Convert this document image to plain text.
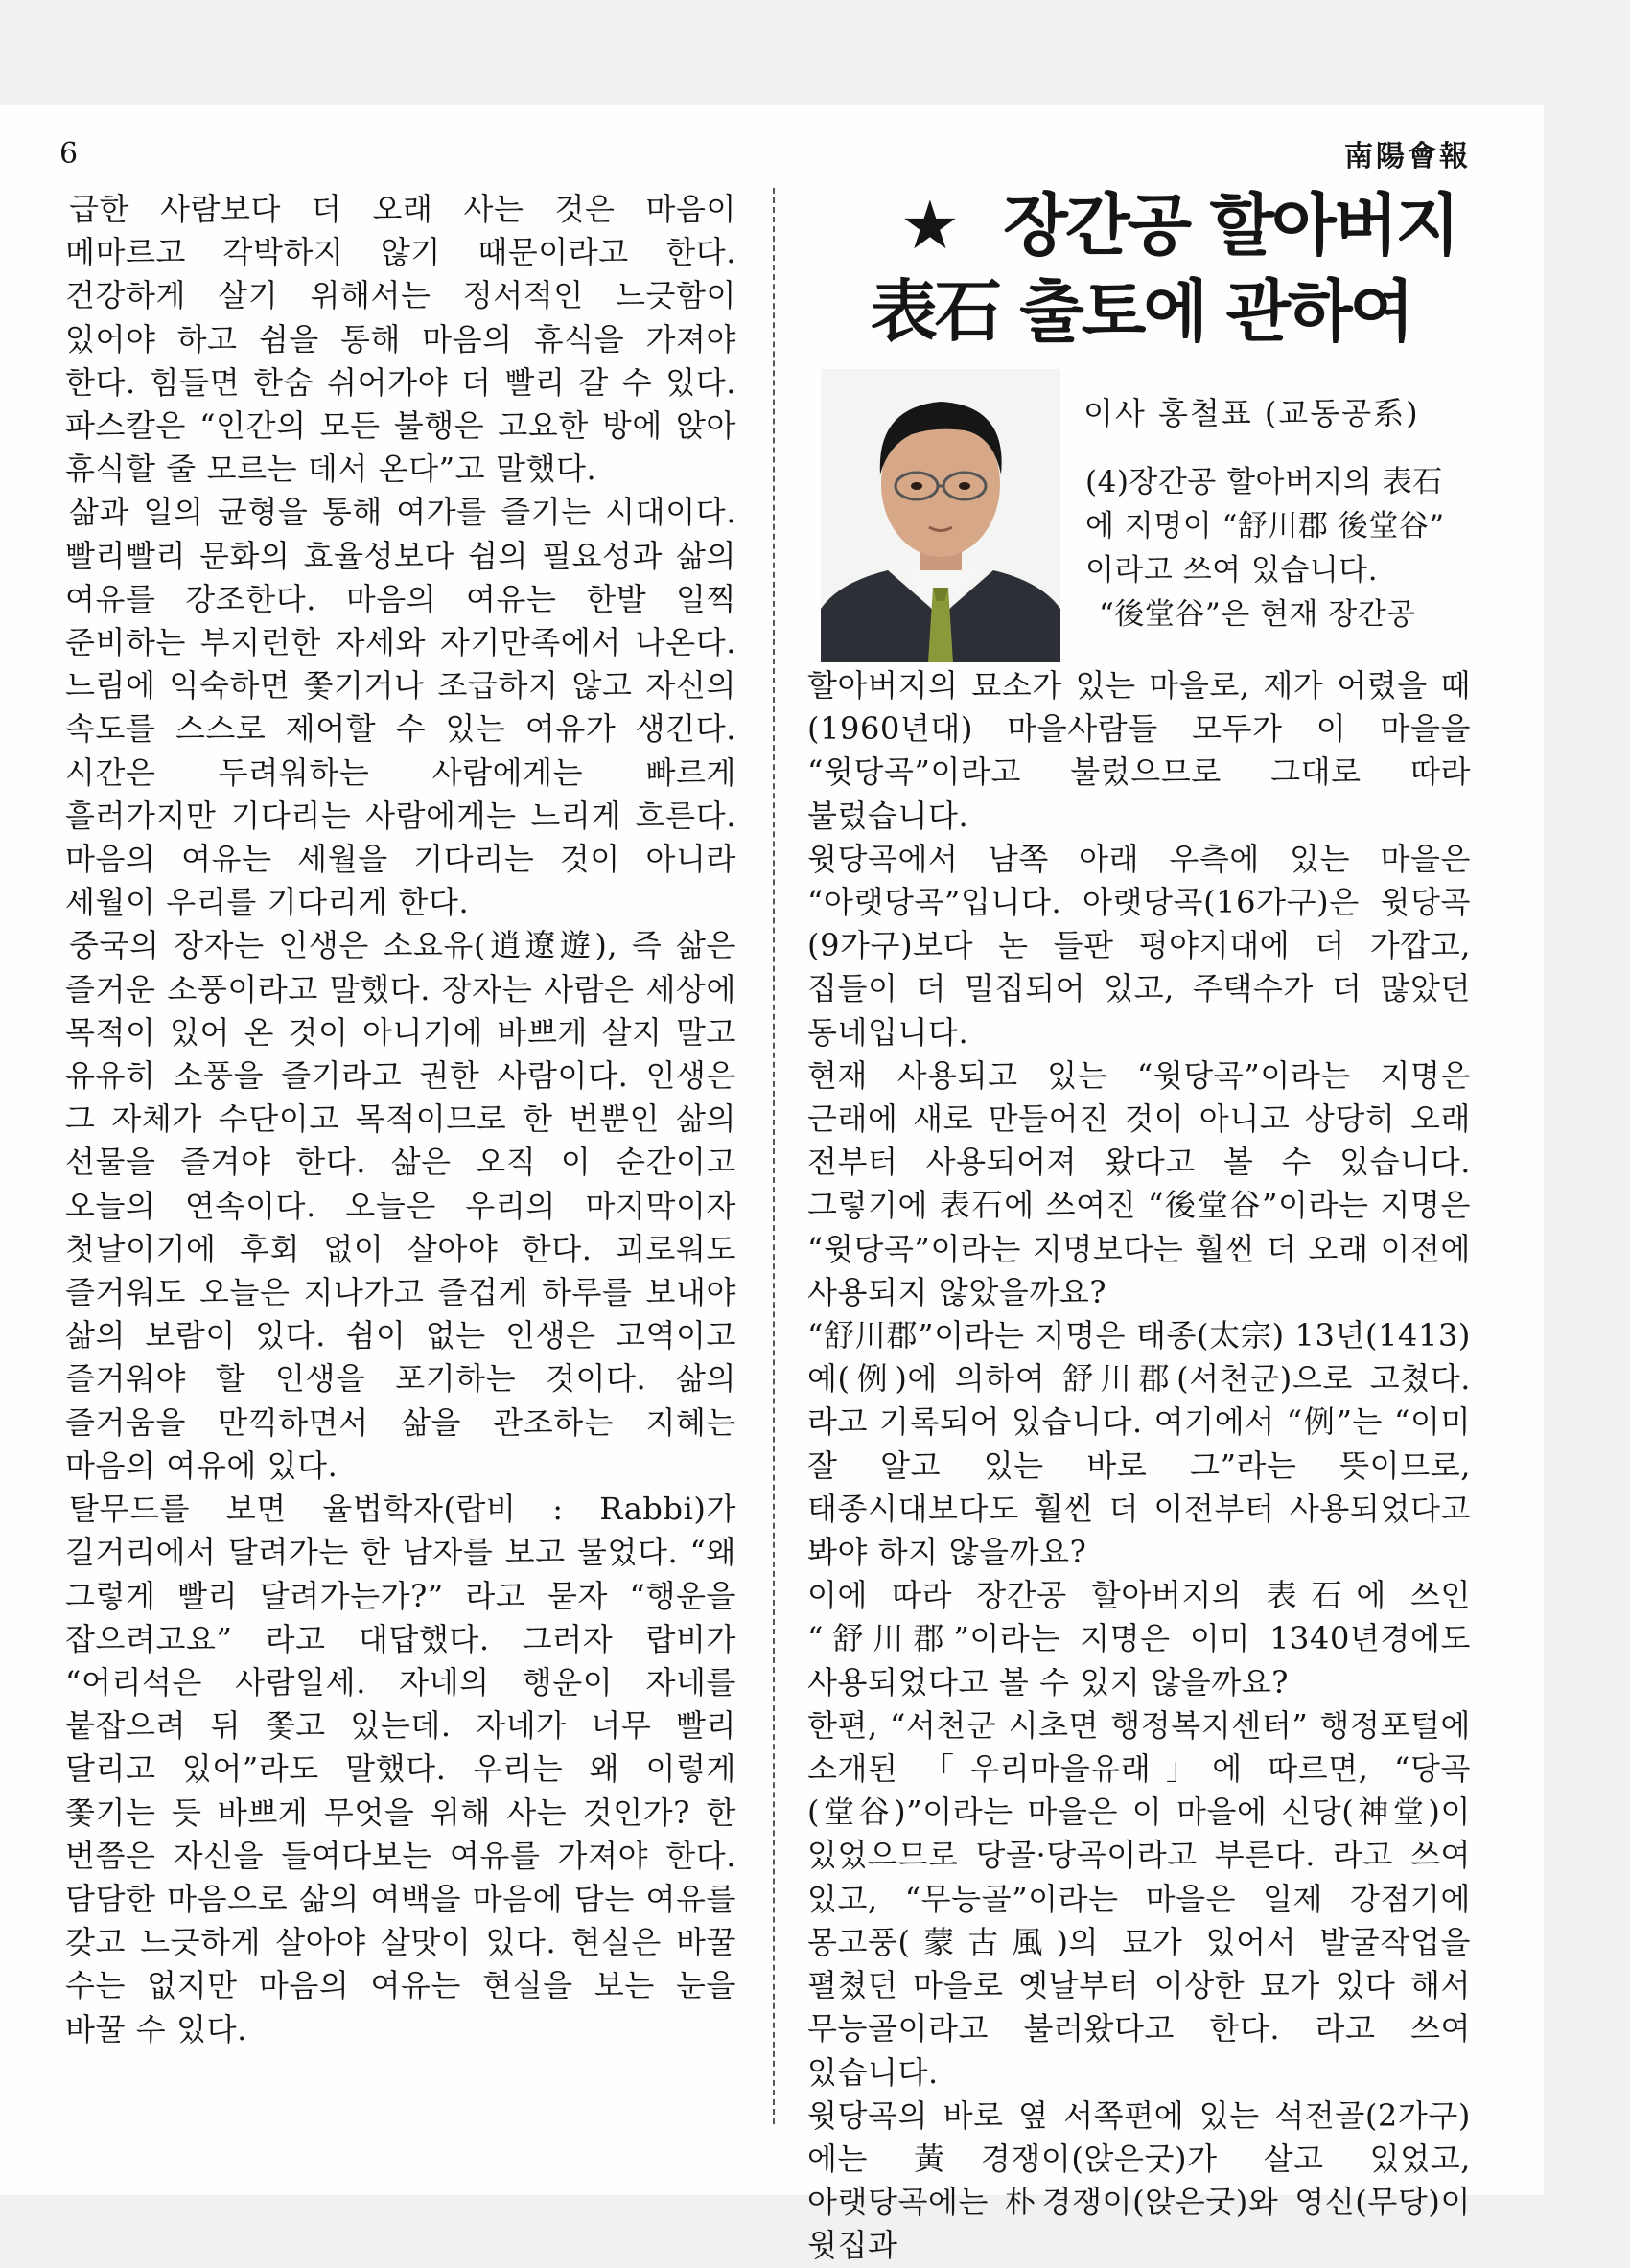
6	南陽會報

급한 사람보다 더 오래 사는 것은 마음이 메마르고 각박하지 않기 때문이라고 한다. 건강하게 살기 위해서는 정서적인 느긋함이 있어야 하고 쉼을 통해 마음의 휴식을 가져야 한다. 힘들면 한숨 쉬어가야 더 빨리 갈 수 있다. 파스칼은 “인간의 모든 불행은 고요한 방에 앉아 휴식할 줄 모르는 데서 온다”고 말했다.

삶과 일의 균형을 통해 여가를 즐기는 시대이다. 빨리빨리 문화의 효율성보다 쉼의 필요성과 삶의 여유를 강조한다. 마음의 여유는 한발 일찍 준비하는 부지런한 자세와 자기만족에서 나온다. 느림에 익숙하면 쫓기거나 조급하지 않고 자신의 속도를 스스로 제어할 수 있는 여유가 생긴다. 시간은 두려워하는 사람에게는 빠르게 흘러가지만 기다리는 사람에게는 느리게 흐른다. 마음의 여유는 세월을 기다리는 것이 아니라 세월이 우리를 기다리게 한다.

중국의 장자는 인생은 소요유(逍遼遊), 즉 삶은 즐거운 소풍이라고 말했다. 장자는 사람은 세상에 목적이 있어 온 것이 아니기에 바쁘게 살지 말고 유유히 소풍을 즐기라고 권한 사람이다. 인생은 그 자체가 수단이고 목적이므로 한 번뿐인 삶의 선물을 즐겨야 한다. 삶은 오직 이 순간이고 오늘의 연속이다. 오늘은 우리의 마지막이자 첫날이기에 후회 없이 살아야 한다. 괴로워도 즐거워도 오늘은 지나가고 즐겁게 하루를 보내야 삶의 보람이 있다. 쉼이 없는 인생은 고역이고 즐거워야 할 인생을 포기하는 것이다. 삶의 즐거움을 만끽하면서 삶을 관조하는 지혜는 마음의 여유에 있다.

탈무드를 보면 율법학자(랍비 : Rabbi)가 길거리에서 달려가는 한 남자를 보고 물었다. “왜 그렇게 빨리 달려가는가?” 라고 묻자 “행운을 잡으려고요” 라고 대답했다. 그러자 랍비가 “어리석은 사람일세. 자네의 행운이 자네를 붙잡으려 뒤 쫓고 있는데. 자네가 너무 빨리 달리고 있어”라도 말했다. 우리는 왜 이렇게 쫓기는 듯 바쁘게 무엇을 위해 사는 것인가? 한 번쯤은 자신을 들여다보는 여유를 가져야 한다. 담담한 마음으로 삶의 여백을 마음에 담는 여유를 갖고 느긋하게 살아야 살맛이 있다. 현실은 바꿀 수는 없지만 마음의 여유는 현실을 보는 눈을 바꿀 수 있다.

★ 장간공 할아버지
表石 출토에 관하여
이사 홍철표 (교동공系)

(4)장간공 할아버지의 表石

에 지명이 “舒川郡 後堂谷”

이라고 쓰여 있습니다.

“後堂谷”은 현재 장간공

할아버지의 묘소가 있는 마을로, 제가 어렸을 때(1960년대) 마을사람들 모두가 이 마을을 “윗당곡”이라고 불렀으므로 그대로 따라 불렀습니다.

윗당곡에서 남쪽 아래 우측에 있는 마을은 “아랫당곡”입니다. 아랫당곡(16가구)은 윗당곡(9가구)보다 논 들판 평야지대에 더 가깝고, 집들이 더 밀집되어 있고, 주택수가 더 많았던 동네입니다.

현재 사용되고 있는 “윗당곡”이라는 지명은 근래에 새로 만들어진 것이 아니고 상당히 오래 전부터 사용되어져 왔다고 볼 수 있습니다. 그렇기에 表石에 쓰여진 “後堂谷”이라는 지명은 “윗당곡”이라는 지명보다는 훨씬 더 오래 이전에 사용되지 않았을까요?

“舒川郡”이라는 지명은 태종(太宗) 13년(1413) 예(例)에 의하여 舒川郡(서천군)으로 고쳤다. 라고 기록되어 있습니다. 여기에서 “例”는 “이미 잘 알고 있는 바로 그”라는 뜻이므로, 태종시대보다도 훨씬 더 이전부터 사용되었다고 봐야 하지 않을까요?

이에 따라 장간공 할아버지의 表石에 쓰인 “舒川郡”이라는 지명은 이미 1340년경에도 사용되었다고 볼 수 있지 않을까요?

한편, “서천군 시초면 행정복지센터” 행정포털에 소개된 「우리마을유래」에 따르면, “당곡(堂谷)”이라는 마을은 이 마을에 신당(神堂)이 있었으므로 당골·당곡이라고 부른다. 라고 쓰여 있고, “무능골”이라는 마을은 일제 강점기에 몽고풍(蒙古風)의 묘가 있어서 발굴작업을 펼쳤던 마을로 옛날부터 이상한 묘가 있다 해서 무능골이라고 불러왔다고 한다. 라고 쓰여 있습니다.

윗당곡의 바로 옆 서쪽편에 있는 석전골(2가구)에는 黃경쟁이(앉은굿)가 살고 있었고, 아랫당곡에는 朴경쟁이(앉은굿)와 영신(무당)이 윗집과
